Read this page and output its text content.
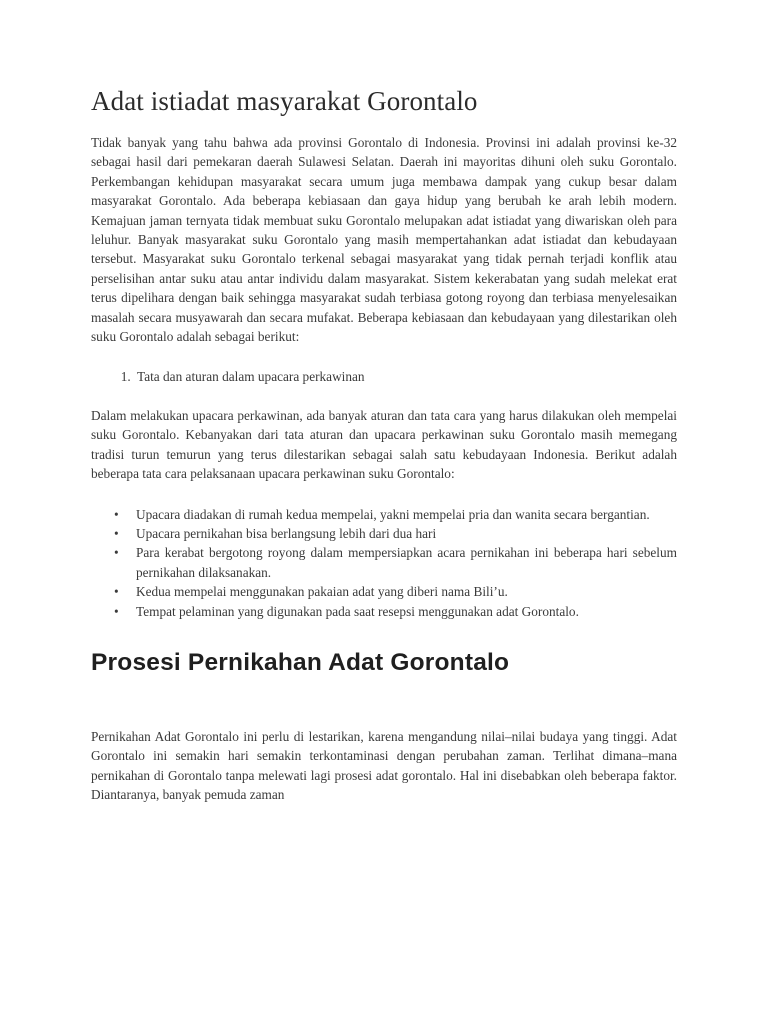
Adat istiadat masyarakat Gorontalo

Tidak banyak yang tahu bahwa ada provinsi Gorontalo di Indonesia. Provinsi ini adalah provinsi ke-32 sebagai hasil dari pemekaran daerah Sulawesi Selatan. Daerah ini mayoritas dihuni oleh suku Gorontalo. Perkembangan kehidupan masyarakat secara umum juga membawa dampak yang cukup besar dalam masyarakat Gorontalo. Ada beberapa kebiasaan dan gaya hidup yang berubah ke arah lebih modern. Kemajuan jaman ternyata tidak membuat suku Gorontalo melupakan adat istiadat yang diwariskan oleh para leluhur. Banyak masyarakat suku Gorontalo yang masih mempertahankan adat istiadat dan kebudayaan tersebut. Masyarakat suku Gorontalo terkenal sebagai masyarakat yang tidak pernah terjadi konflik atau perselisihan antar suku atau antar individu dalam masyarakat. Sistem kekerabatan yang sudah melekat erat terus dipelihara dengan baik sehingga masyarakat sudah terbiasa gotong royong dan terbiasa menyelesaikan masalah secara musyawarah dan secara mufakat. Beberapa kebiasaan dan kebudayaan yang dilestarikan oleh suku Gorontalo adalah sebagai berikut:

1. Tata dan aturan dalam upacara perkawinan

Dalam melakukan upacara perkawinan, ada banyak aturan dan tata cara yang harus dilakukan oleh mempelai suku Gorontalo. Kebanyakan dari tata aturan dan upacara perkawinan suku Gorontalo masih memegang tradisi turun temurun yang terus dilestarikan sebagai salah satu kebudayaan Indonesia. Berikut adalah beberapa tata cara pelaksanaan upacara perkawinan suku Gorontalo:

• Upacara diadakan di rumah kedua mempelai, yakni mempelai pria dan wanita secara bergantian.
• Upacara pernikahan bisa berlangsung lebih dari dua hari
• Para kerabat bergotong royong dalam mempersiapkan acara pernikahan ini beberapa hari sebelum pernikahan dilaksanakan.
• Kedua mempelai menggunakan pakaian adat yang diberi nama Bili’u.
• Tempat pelaminan yang digunakan pada saat resepsi menggunakan adat Gorontalo.
Prosesi Pernikahan Adat Gorontalo

Pernikahan Adat Gorontalo ini perlu di lestarikan, karena mengandung nilai–nilai budaya yang tinggi. Adat Gorontalo ini semakin hari semakin terkontaminasi dengan perubahan zaman. Terlihat dimana–mana pernikahan di Gorontalo tanpa melewati lagi prosesi adat gorontalo. Hal ini disebabkan oleh beberapa faktor. Diantaranya, banyak pemuda zaman
